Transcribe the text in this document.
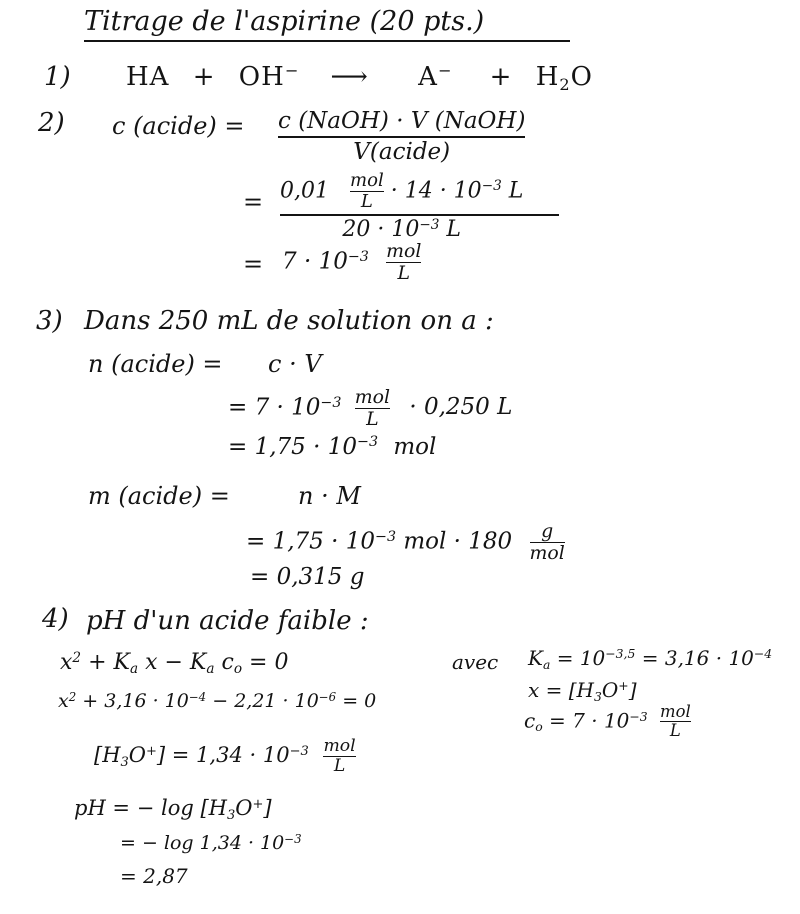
Titrage de l'aspirine (20 pts.)
1) HA + OH− ⟶ A− + H2O
2) c (acide) = c (NaOH) · V (NaOH)
V(acide)
= 0,01 mol
$L \cdot 14 \cdot 10^{-3}$ L
$20 \cdot 10^{-3}$ L
= $7 \cdot 10^{-3}$ mol
L
3) Dans 250 mL de solution on a :
n (acide) = c · V
= $7 \cdot 10^{-3}$ mol
L · 0,250 L
= $1,75 \cdot 10^{-3}$ mol
m (acide) =	n · M
= $1,75 \cdot 10^{-3}$ mol · 180 g
mol
= 0,315 g
4) pH d'un acide faible :
$x^2 + Ka$ x − Ka co = 0
$x^2 + 3,16 \cdot 10^{-4} - 2,21 \cdot 10^{-6} = 0$
avec $Ka = 10^{-3,5} = 3,16 \cdot 10^{-4}$
x = [H3O+]
co = $7 \cdot 10^{-3}$ mol
L
$[H3O^+] = 1,34 \cdot 10^{-3}$ mol
L
pH = − log [H3O+]
= − $\log 1,34 \cdot 10^{-3}$
= 2,87
